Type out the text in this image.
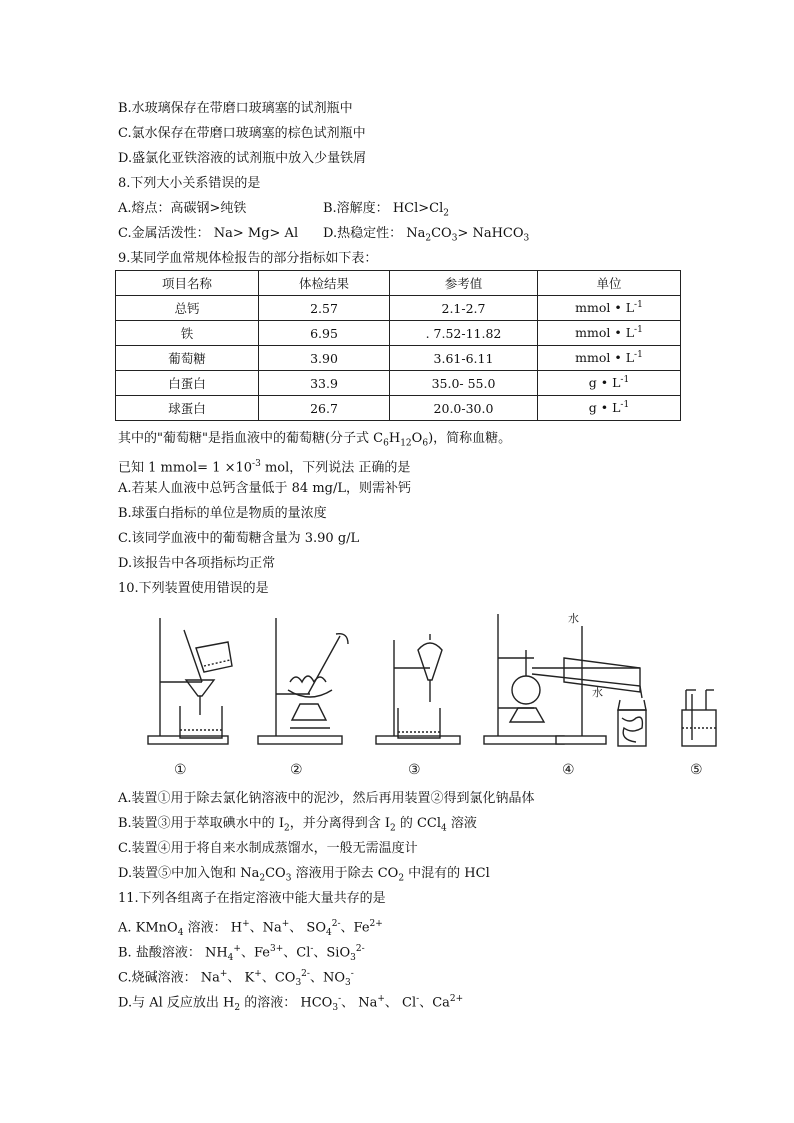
B.水玻璃保存在带磨口玻璃塞的试剂瓶中
C.氯水保存在带磨口玻璃塞的棕色试剂瓶中
D.盛氯化亚铁溶液的试剂瓶中放入少量铁屑
8.下列大小关系错误的是
A.熔点：高碳钢>纯铁	B.溶解度： $HCl>Cl_2$
C.金属活泼性： Na> Mg> Al D.热稳定性： $Na_2CO_3>$ NaHCO$_3$
9.某同学血常规体检报告的部分指标如下表：
项目名称	体检结果	参考值	单位
总钙	2.57	2.1-2.7	mmol • $L^{-1}$
铁	6.95	. 7.52-11.82	mmol • $L^{-1}$
葡萄糖	3.90	3.61-6.11	mmol • $L^{-1}$
白蛋白	33.9	35.0- 55.0	g • $L^{-1}$
球蛋白	26.7	20.0-30.0	g • $L^{-1}$
其中的"葡萄糖"是指血液中的葡萄糖(分子式 $C_6H_{12}O_6$)，简称血糖。
已知 1 mmol= $1 \times 10^{-3}$ mol，下列说法 正确的是
A.若某人血液中总钙含量低于 84 mg/L，则需补钙
B.球蛋白指标的单位是物质的量浓度
C.该同学血液中的葡萄糖含量为 3.90 g/L
D.该报告中各项指标均正常
10.下列装置使用错误的是
水
水
①	②	③	④	⑤
A.装置①用于除去氯化钠溶液中的泥沙，然后再用装置②得到氯化钠晶体
B.装置③用于萃取碘水中的 $I_2$，并分离得到含 $I_2$ 的 CCl$_4$ 溶液
C.装置④用于将自来水制成蒸馏水，一般无需温度计
D.装置⑤中加入饱和 $Na_2CO_3$ 溶液用于除去 $CO_2$ 中混有的 HCl
11.下列各组离子在指定溶液中能大量共存的是
A. KMnO$_4$ 溶液： H+、Na+、 $SO_4^{2-}$、$Fe^{2+}$
B. 盐酸溶液： $NH_4^+$、$Fe^{3+}$、Cl-、SiO$_3^{2-}$
C.烧碱溶液： Na+、 K+、$CO_3^{2-}$、$NO_3^-$
D.与 Al 反应放出 $H_2$ 的溶液： $HCO_3^-$、 Na+、 Cl-、$Ca^{2+}$
